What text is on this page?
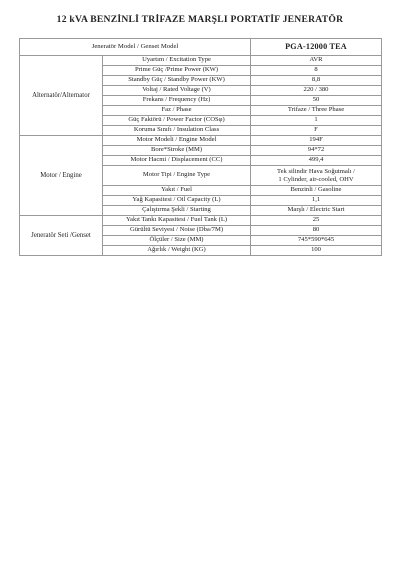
12 kVA BENZİNLİ TRİFAZE MARŞLI PORTATİF JENERATÖR
Jeneratör Model / Genset Model		PGA-12000 TEA
Alternatör/Alternator	Uyartım / Excitation Type	AVR
	Prime Güç /Prime Power (KW)	8
	Standby Güç / Standby Power (KW)	8,8
	Voltaj / Rated Voltage (V)	220 / 380
	Frekans / Frequency (Hz)	50
	Faz / Phase	Trifaze / Three Phase
	Güç Faktörü / Power Factor (COSφ)	1
	Koruma Sınıfı / Insulation Class	F
Motor / Engine	Motor Modeli / Engine Model	194F
	Bore*Stroke (MM)	94*72
	Motor Hacmi / Displacement (CC)	499,4
	Motor Tipi / Engine Type	Tek silindir Hava Soğutmalı /
1 Cylinder, air-cooled, OHV

	Yakıt / Fuel	Benzinli / Gasoline
	Yağ Kapasitesi / Oil Capacity (L)	1,1
	Çalıştırma Şekli / Starting	Marşlı / Electric Start
Jeneratör Seti /Genset	Yakıt Tankı Kapasitesi / Fuel Tank (L)	25
	Gürültü Seviyesi / Noise (Dba/7M)	80
	Ölçüler / Size (MM)	745*590*645
	Ağırlık / Weight (KG)	100
